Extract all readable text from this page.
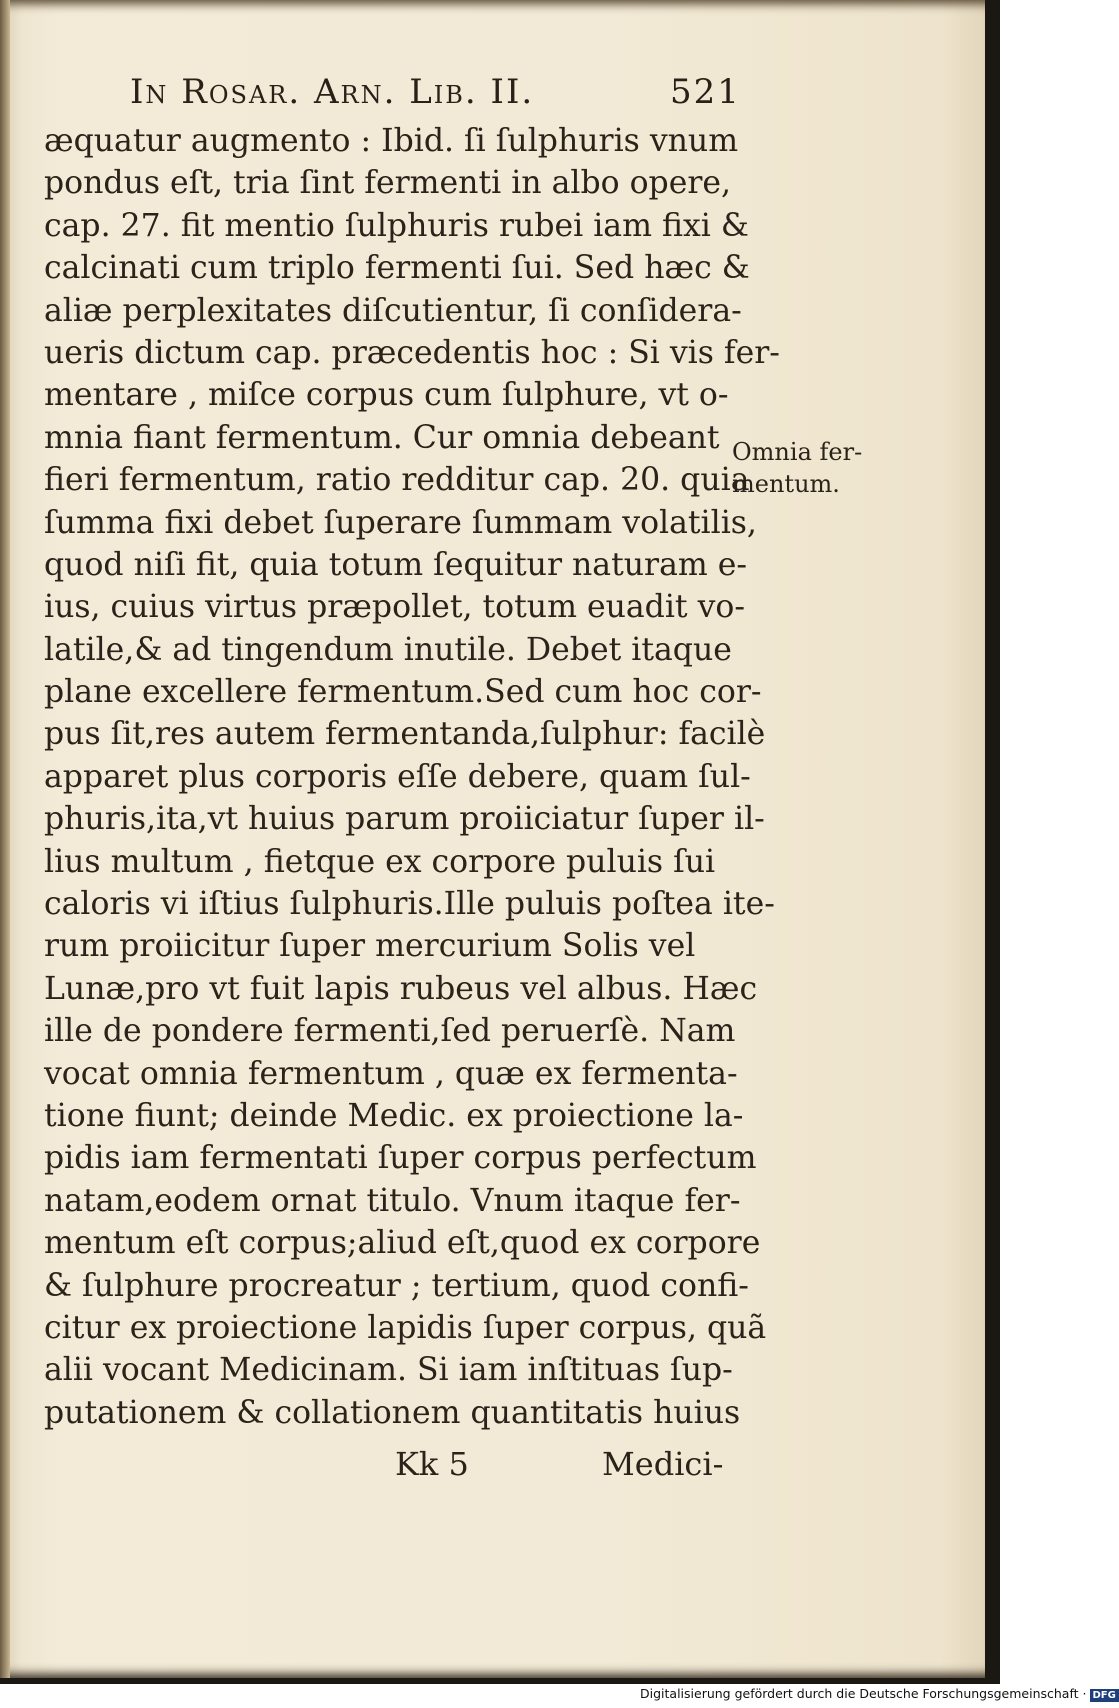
In Rosar. Arn. Lib. II.	521
æquatur augmento : Ibid. ſi ſulphuris vnum
pondus eſt, tria ſint fermenti in albo opere,
cap. 27. fit mentio ſulphuris rubei iam fixi &
calcinati cum triplo fermenti ſui. Sed hæc &
aliæ perplexitates diſcutientur, ſi conſidera-
ueris dictum cap. præcedentis hoc : Si vis fer-
mentare , miſce corpus cum ſulphure, vt o-
mnia fiant fermentum. Cur omnia debeant
fieri fermentum, ratio redditur cap. 20. quia
ſumma fixi debet ſuperare ſummam volatilis,
quod niſi fit, quia totum ſequitur naturam e-
ius, cuius virtus præpollet, totum euadit vo-
latile,& ad tingendum inutile. Debet itaque
plane excellere fermentum.Sed cum hoc cor-
pus ſit,res autem fermentanda,ſulphur: facilè
apparet plus corporis eſſe debere, quam ſul-
phuris,ita,vt huius parum proiiciatur ſuper il-
lius multum , fietque ex corpore puluis ſui
caloris vi iſtius ſulphuris.Ille puluis poſtea ite-
rum proiicitur ſuper mercurium Solis vel
Lunæ,pro vt fuit lapis rubeus vel albus. Hæc
ille de pondere fermenti,ſed peruerſè. Nam
vocat omnia fermentum , quæ ex fermenta-
tione fiunt; deinde Medic. ex proiectione la-
pidis iam fermentati ſuper corpus perfectum
natam,eodem ornat titulo. Vnum itaque fer-
mentum eſt corpus;aliud eſt,quod ex corpore
& ſulphure procreatur ; tertium, quod confi-
citur ex proiectione lapidis ſuper corpus, quã
alii vocant Medicinam. Si iam inſtituas ſup-
putationem & collationem quantitatis huius
Omnia fer-
mentum.
Kk 5	Medici-
Digitalisierung gefördert durch die Deutsche Forschungsgemeinschaft · DFG
